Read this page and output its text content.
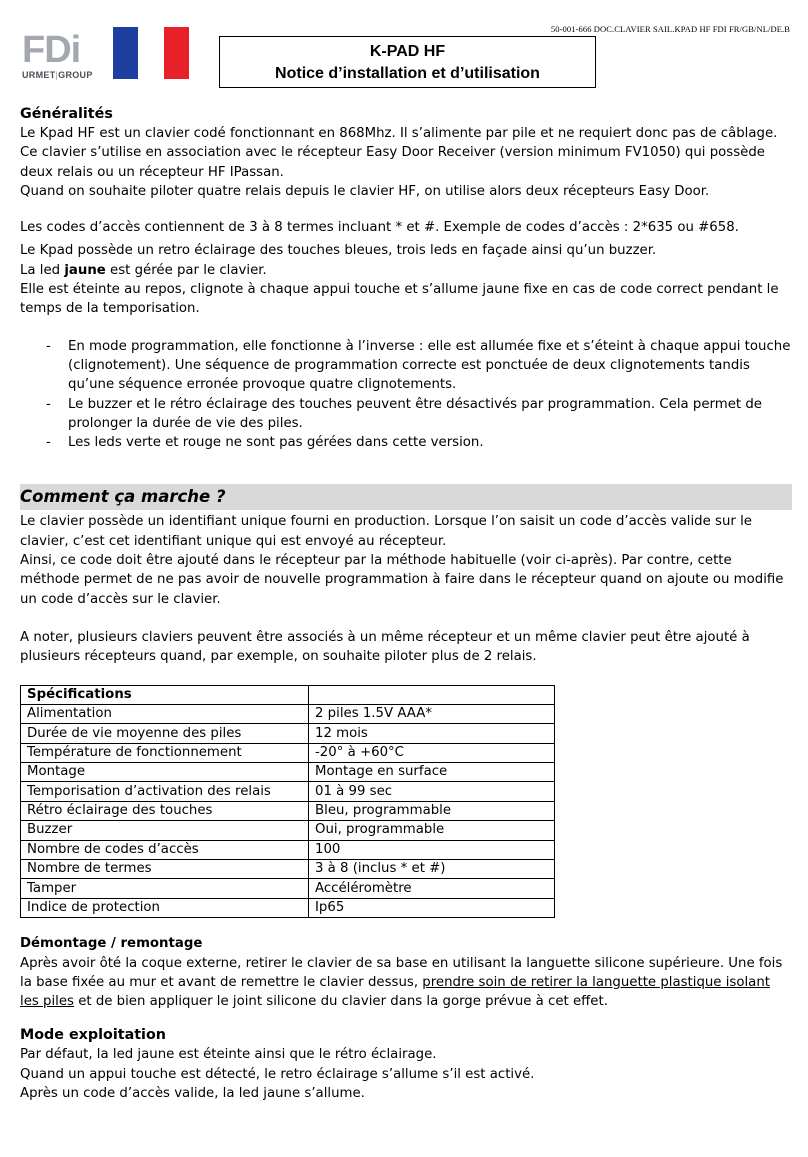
50-001-666 DOC.CLAVIER SAIL.KPAD HF FDI FR/GB/NL/DE.B
FDi
URMET|GROUP
K-PAD HF
Notice d’installation et d’utilisation

Généralités

Le Kpad HF est un clavier codé fonctionnant en 868Mhz. Il s’alimente par pile et ne requiert donc pas de câblage.

Ce clavier s’utilise en association avec le récepteur Easy Door Receiver (version minimum FV1050) qui possède deux relais ou un récepteur HF IPassan.

Quand on souhaite piloter quatre relais depuis le clavier HF, on utilise alors deux récepteurs Easy Door.

Les codes d’accès contiennent de 3 à 8 termes incluant * et #. Exemple de codes d’accès : 2*635 ou #658.

Le Kpad possède un retro éclairage des touches bleues, trois leds en façade ainsi qu’un buzzer.

La led jaune est gérée par le clavier.

Elle est éteinte au repos, clignote à chaque appui touche et s’allume jaune fixe en cas de code correct pendant le temps de la temporisation.

- En mode programmation, elle fonctionne à l’inverse : elle est allumée fixe et s’éteint à chaque appui touche (clignotement). Une séquence de programmation correcte est ponctuée de deux clignotements tandis qu’une séquence erronée provoque quatre clignotements.
- Le buzzer et le rétro éclairage des touches peuvent être désactivés par programmation. Cela permet de prolonger la durée de vie des piles.
- Les leds verte et rouge ne sont pas gérées dans cette version.
Comment ça marche ?

Le clavier possède un identifiant unique fourni en production. Lorsque l’on saisit un code d’accès valide sur le clavier, c’est cet identifiant unique qui est envoyé au récepteur.

Ainsi, ce code doit être ajouté dans le récepteur par la méthode habituelle (voir ci-après). Par contre, cette méthode permet de ne pas avoir de nouvelle programmation à faire dans le récepteur quand on ajoute ou modifie un code d’accès sur le clavier.

A noter, plusieurs claviers peuvent être associés à un même récepteur et un même clavier peut être ajouté à plusieurs récepteurs quand, par exemple, on souhaite piloter plus de 2 relais.

Spécifications	
Alimentation	2 piles 1.5V AAA*
Durée de vie moyenne des piles	12 mois
Température de fonctionnement	-20° à +60°C
Montage	Montage en surface
Temporisation d’activation des relais	01 à 99 sec
Rétro éclairage des touches	Bleu, programmable
Buzzer	Oui, programmable
Nombre de codes d’accès	100
Nombre de termes	3 à 8 (inclus * et #)
Tamper	Accéléromètre
Indice de protection	Ip65

Démontage / remontage

Après avoir ôté la coque externe, retirer le clavier de sa base en utilisant la languette silicone supérieure. Une fois la base fixée au mur et avant de remettre le clavier dessus, prendre soin de retirer la languette plastique isolant les piles et de bien appliquer le joint silicone du clavier dans la gorge prévue à cet effet.

Mode exploitation

Par défaut, la led jaune est éteinte ainsi que le rétro éclairage.

Quand un appui touche est détecté, le retro éclairage s’allume s’il est activé.

Après un code d’accès valide, la led jaune s’allume.
